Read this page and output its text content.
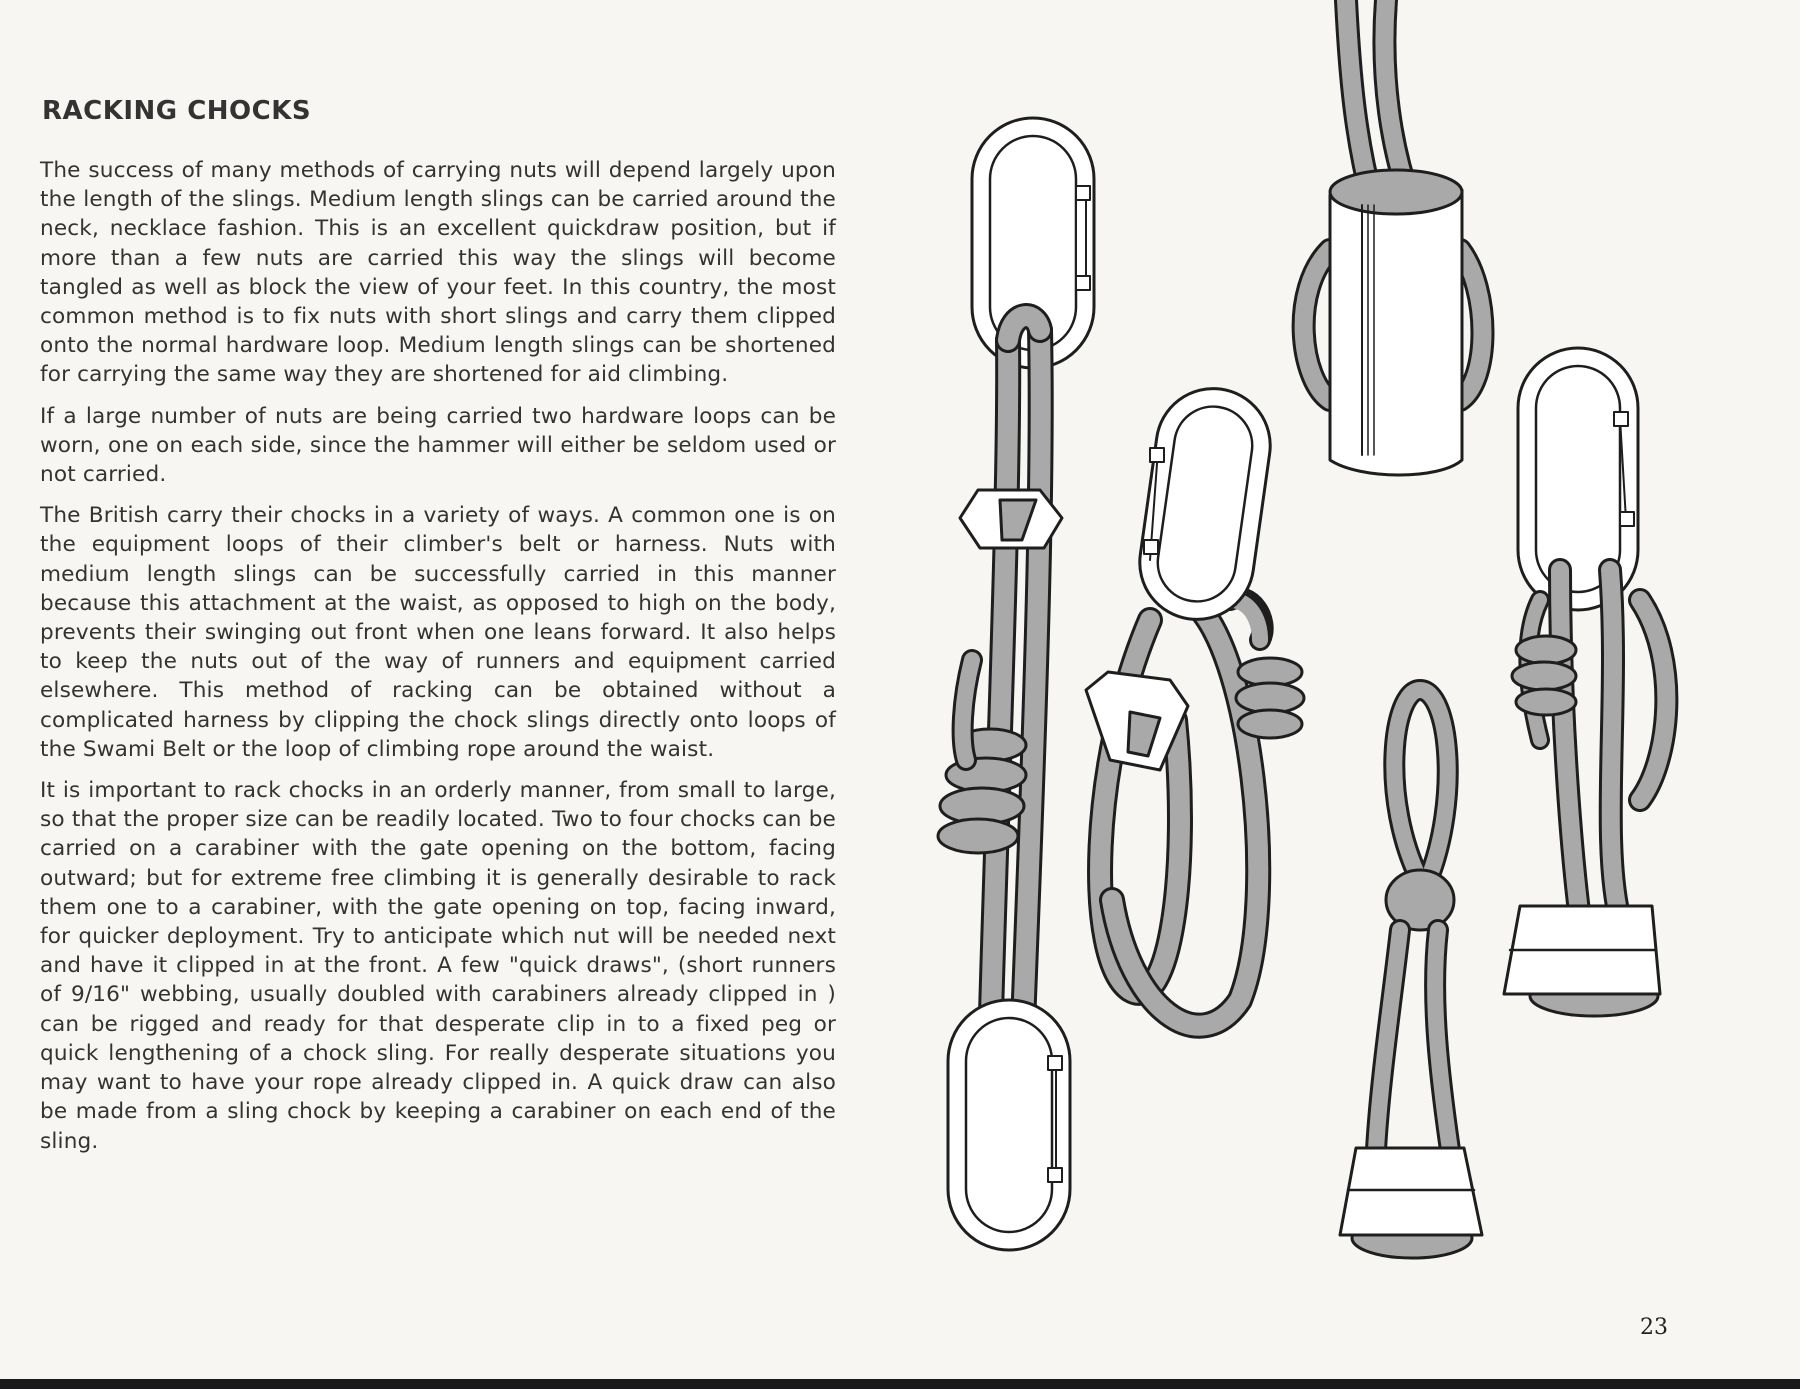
RACKING CHOCKS

The success of many methods of carrying nuts will depend largely upon the length of the slings. Medium length slings can be carried around the neck, necklace fashion. This is an excellent quickdraw position, but if more than a few nuts are carried this way the slings will become tangled as well as block the view of your feet. In this country, the most common method is to fix nuts with short slings and carry them clipped onto the normal hardware loop. Medium length slings can be shortened for carrying the same way they are shortened for aid climbing.

If a large number of nuts are being carried two hardware loops can be worn, one on each side, since the hammer will either be seldom used or not carried.

The British carry their chocks in a variety of ways. A common one is on the equipment loops of their climber's belt or harness. Nuts with medium length slings can be successfully carried in this manner because this attachment at the waist, as opposed to high on the body, prevents their swinging out front when one leans forward. It also helps to keep the nuts out of the way of runners and equipment carried elsewhere. This method of racking can be obtained without a complicated harness by clipping the chock slings directly onto loops of the Swami Belt or the loop of climbing rope around the waist.

It is important to rack chocks in an orderly manner, from small to large, so that the proper size can be readily located. Two to four chocks can be carried on a carabiner with the gate opening on the bottom, facing outward; but for extreme free climbing it is generally desirable to rack them one to a carabiner, with the gate opening on top, facing inward, for quicker deployment. Try to anticipate which nut will be needed next and have it clipped in at the front. A few "quick draws", (short runners of 9/16" webbing, usually doubled with carabiners already clipped in ) can be rigged and ready for that desperate clip in to a fixed peg or quick lengthening of a chock sling. For really desperate situations you may want to have your rope already clipped in. A quick draw can also be made from a sling chock by keeping a carabiner on each end of the sling.

23
